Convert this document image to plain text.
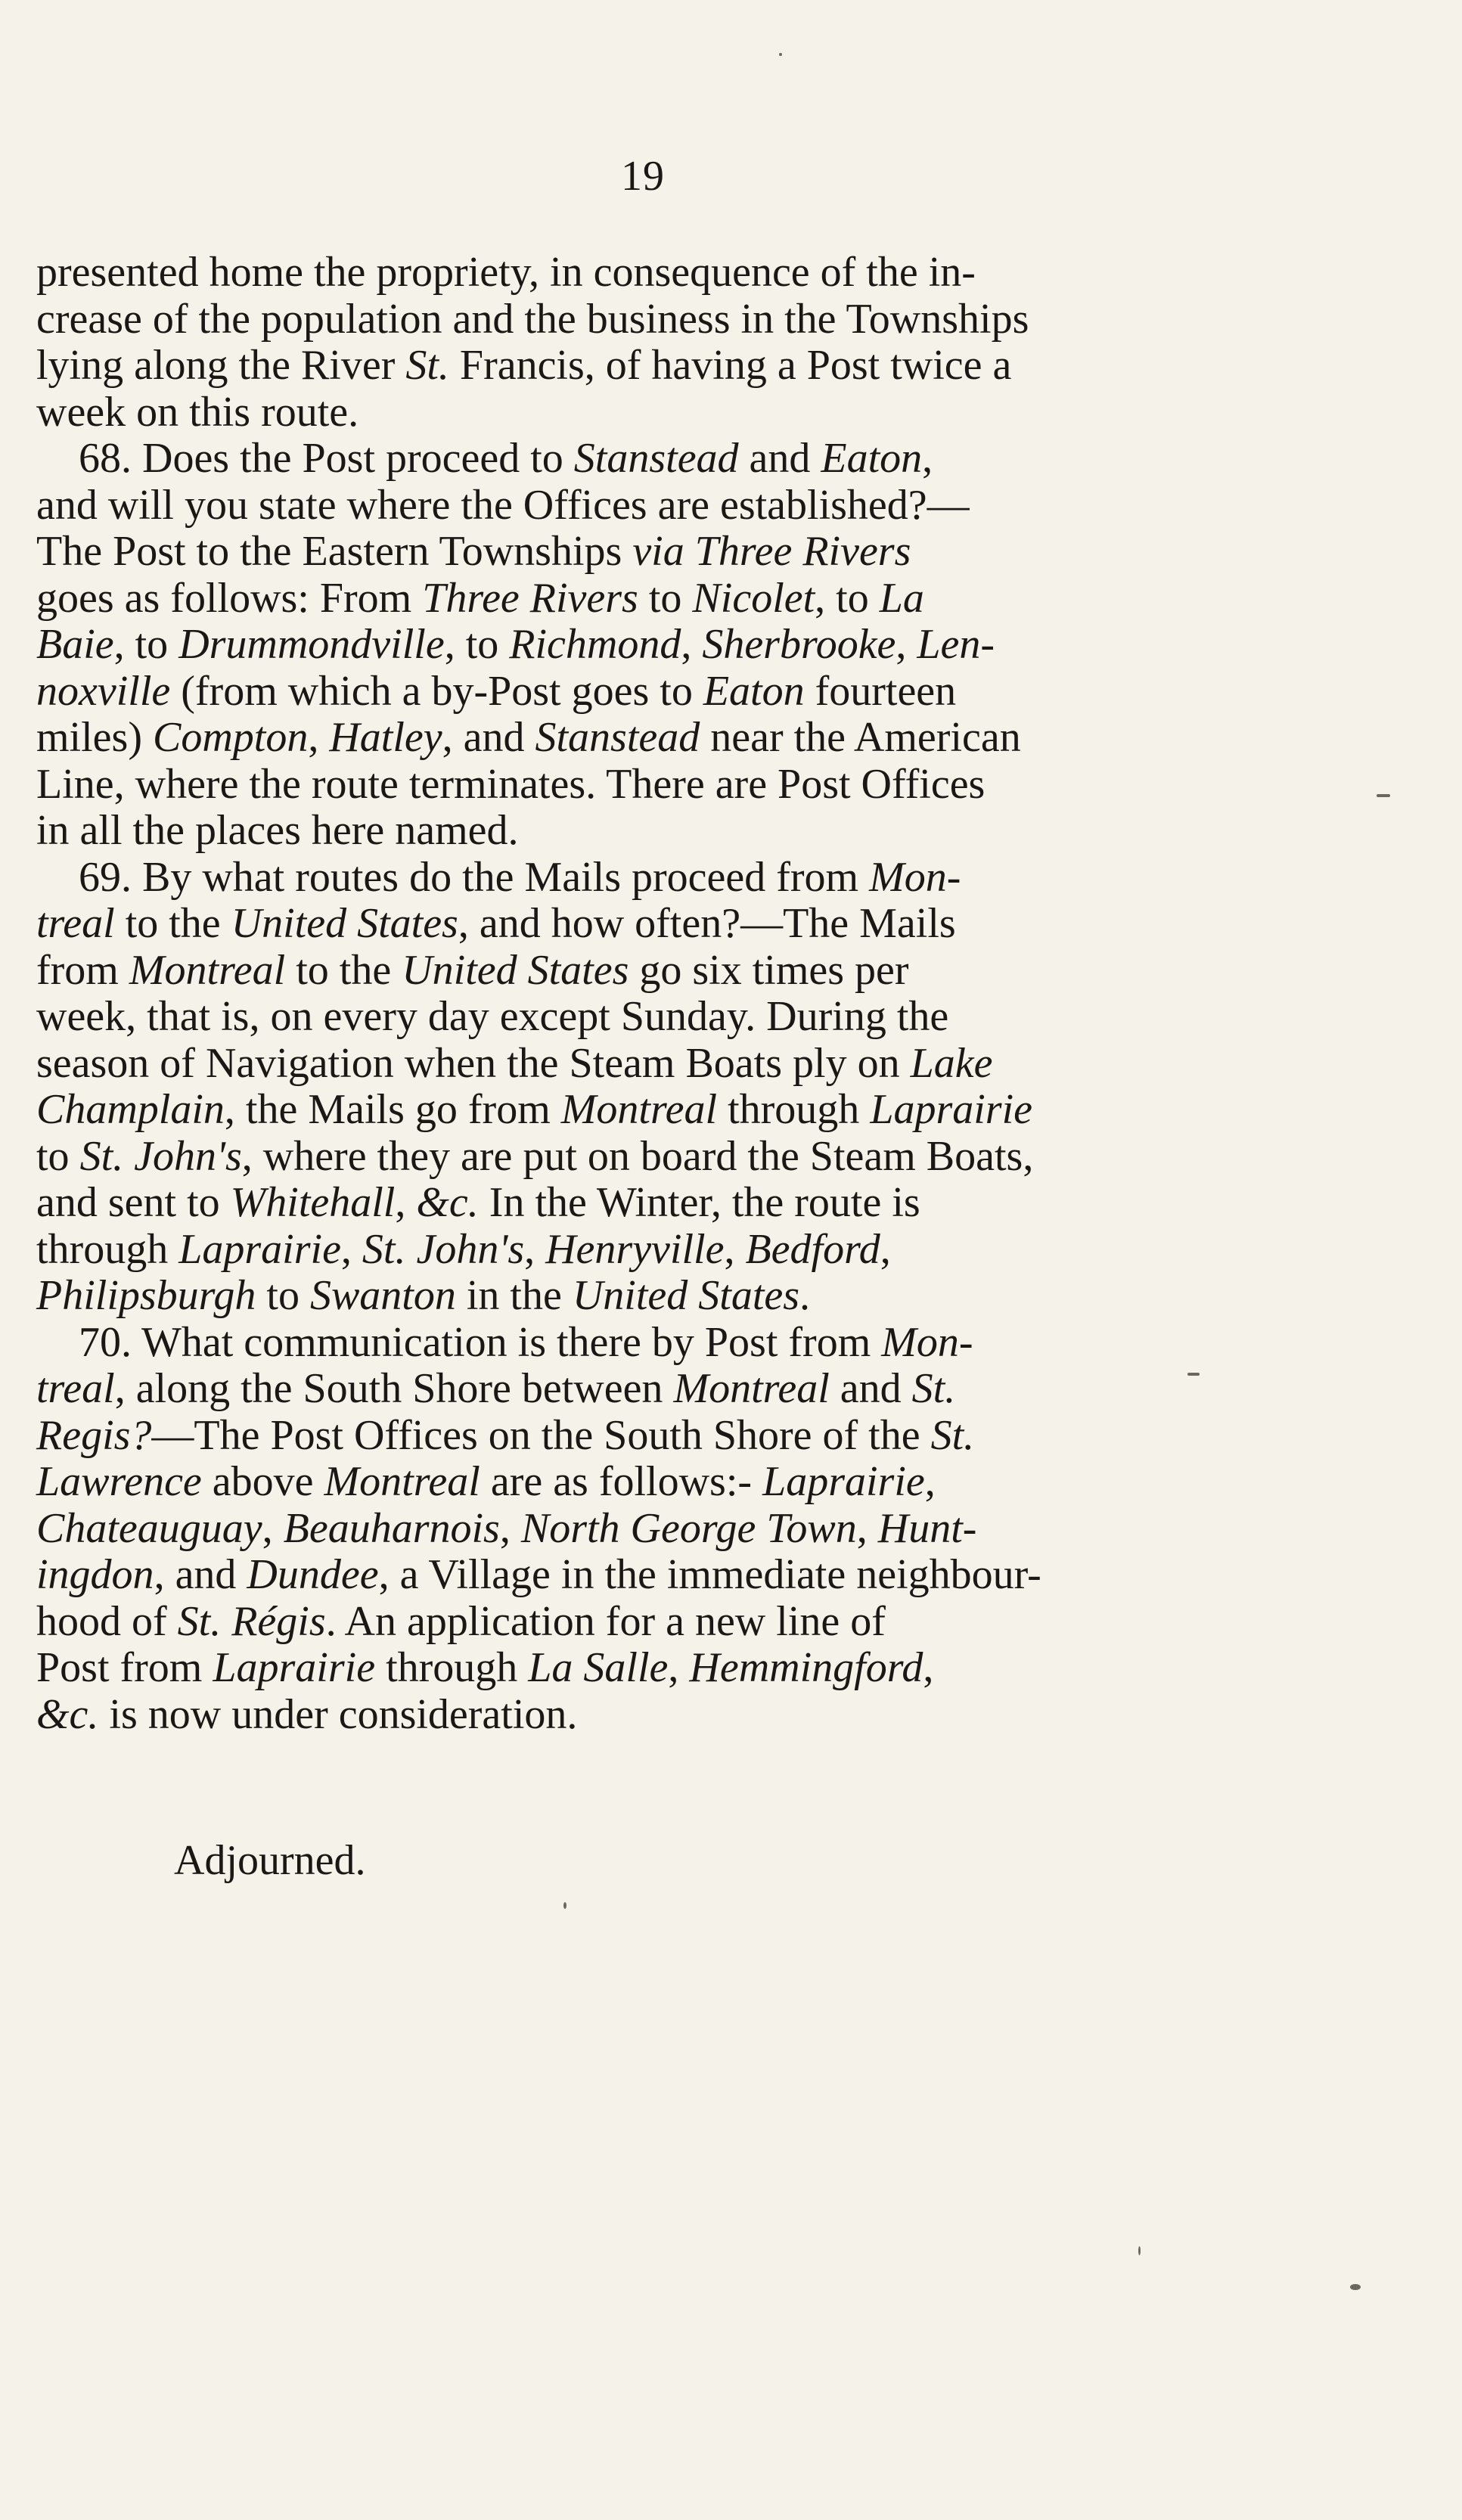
19

presented home the propriety, in consequence of the in-
crease of the population and the business in the Townships
lying along the River St. Francis, of having a Post twice a
week on this route.

68. Does the Post proceed to Stanstead and Eaton,
and will you state where the Offices are established?—
The Post to the Eastern Townships via Three Rivers
goes as follows: From Three Rivers to Nicolet, to La
Baie, to Drummondville, to Richmond, Sherbrooke, Len-
noxville (from which a by-Post goes to Eaton fourteen
miles) Compton, Hatley, and Stanstead near the American
Line, where the route terminates. There are Post Offices
in all the places here named.

69. By what routes do the Mails proceed from Mon-
treal to the United States, and how often?—The Mails
from Montreal to the United States go six times per
week, that is, on every day except Sunday. During the
season of Navigation when the Steam Boats ply on Lake
Champlain, the Mails go from Montreal through Laprairie
to St. John's, where they are put on board the Steam Boats,
and sent to Whitehall, &c. In the Winter, the route is
through Laprairie, St. John's, Henryville, Bedford,
Philipsburgh to Swanton in the United States.

70. What communication is there by Post from Mon-
treal, along the South Shore between Montreal and St.
Regis?—The Post Offices on the South Shore of the St.
Lawrence above Montreal are as follows:- Laprairie,
Chateauguay, Beauharnois, North George Town, Hunt-
ingdon, and Dundee, a Village in the immediate neighbour-
hood of St. Régis. An application for a new line of
Post from Laprairie through La Salle, Hemmingford,
&c. is now under consideration.

Adjourned.
